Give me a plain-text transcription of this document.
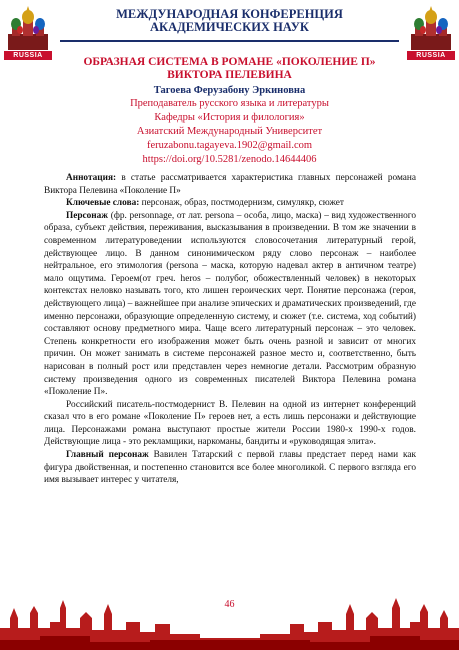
RUSSIA
МЕЖДУНАРОДНАЯ КОНФЕРЕНЦИЯ
АКАДЕМИЧЕСКИХ НАУК
RUSSIA
ОБРАЗНАЯ СИСТЕМА В РОМАНЕ «ПОКОЛЕНИЕ П»
ВИКТОРА ПЕЛЕВИНА
Тагоева Ферузабону Эркиновна
Преподаватель русского языка и литературы
Кафедры «История и филология»
Азиатский Международный Университет
feruzabonu.tagayeva.1902@gmail.com
https://doi.org/10.5281/zenodo.14644406

Аннотация: в статье рассматривается характеристика главных персонажей романа Виктора Пелевина «Поколение П»

Ключевые слова: персонаж, образ, постмодернизм, симулякр, сюжет

Персонаж (фр. personnage, от лат. persona – особа, лицо, маска) – вид художественного образа, субъект действия, переживания, высказывания в произведении. В том же значении в современном литературоведении используются словосочетания литературный герой, действующее лицо. В данном синонимическом ряду слово персонаж – наиболее нейтральное, его этимология (persona – маска, которую надевал актер в античном театре) мало ощутима. Героем(от греч. heros – полубог, обожествленный человек) в некоторых контекстах неловко называть того, кто лишен героических черт. Понятие персонажа (героя, действующего лица) – важнейшее при анализе эпических и драматических произведений, где именно персонажи, образующие определенную систему, и сюжет (т.е. система, ход событий) составляют основу предметного мира. Чаще всего литературный персонаж – это человек. Степень конкретности его изображения может быть очень разной и зависит от многих причин. Он может занимать в системе персонажей разное место и, соответственно, быть нарисован в полный рост или представлен через немногие детали. Рассмотрим образную систему произведения одного из современных писателей Виктора Пелевина романа «Поколение П».

Российский писатель-постмодернист В. Пелевин на одной из интернет конференций сказал что в его романе «Поколение П» героев нет, а есть лишь персонажи и действующие лица. Персонажами романа выступают простые жители России 1980-х 1990-х годов. Действующие лица - это рекламщики, наркоманы, бандиты и «руководящая элита».

Главный персонаж Вавилен Татарский с первой главы предстает перед нами как фигура двойственная, и постепенно становится все более многоликой. С первого взгляда его имя вызывает интерес у читателя,

46
